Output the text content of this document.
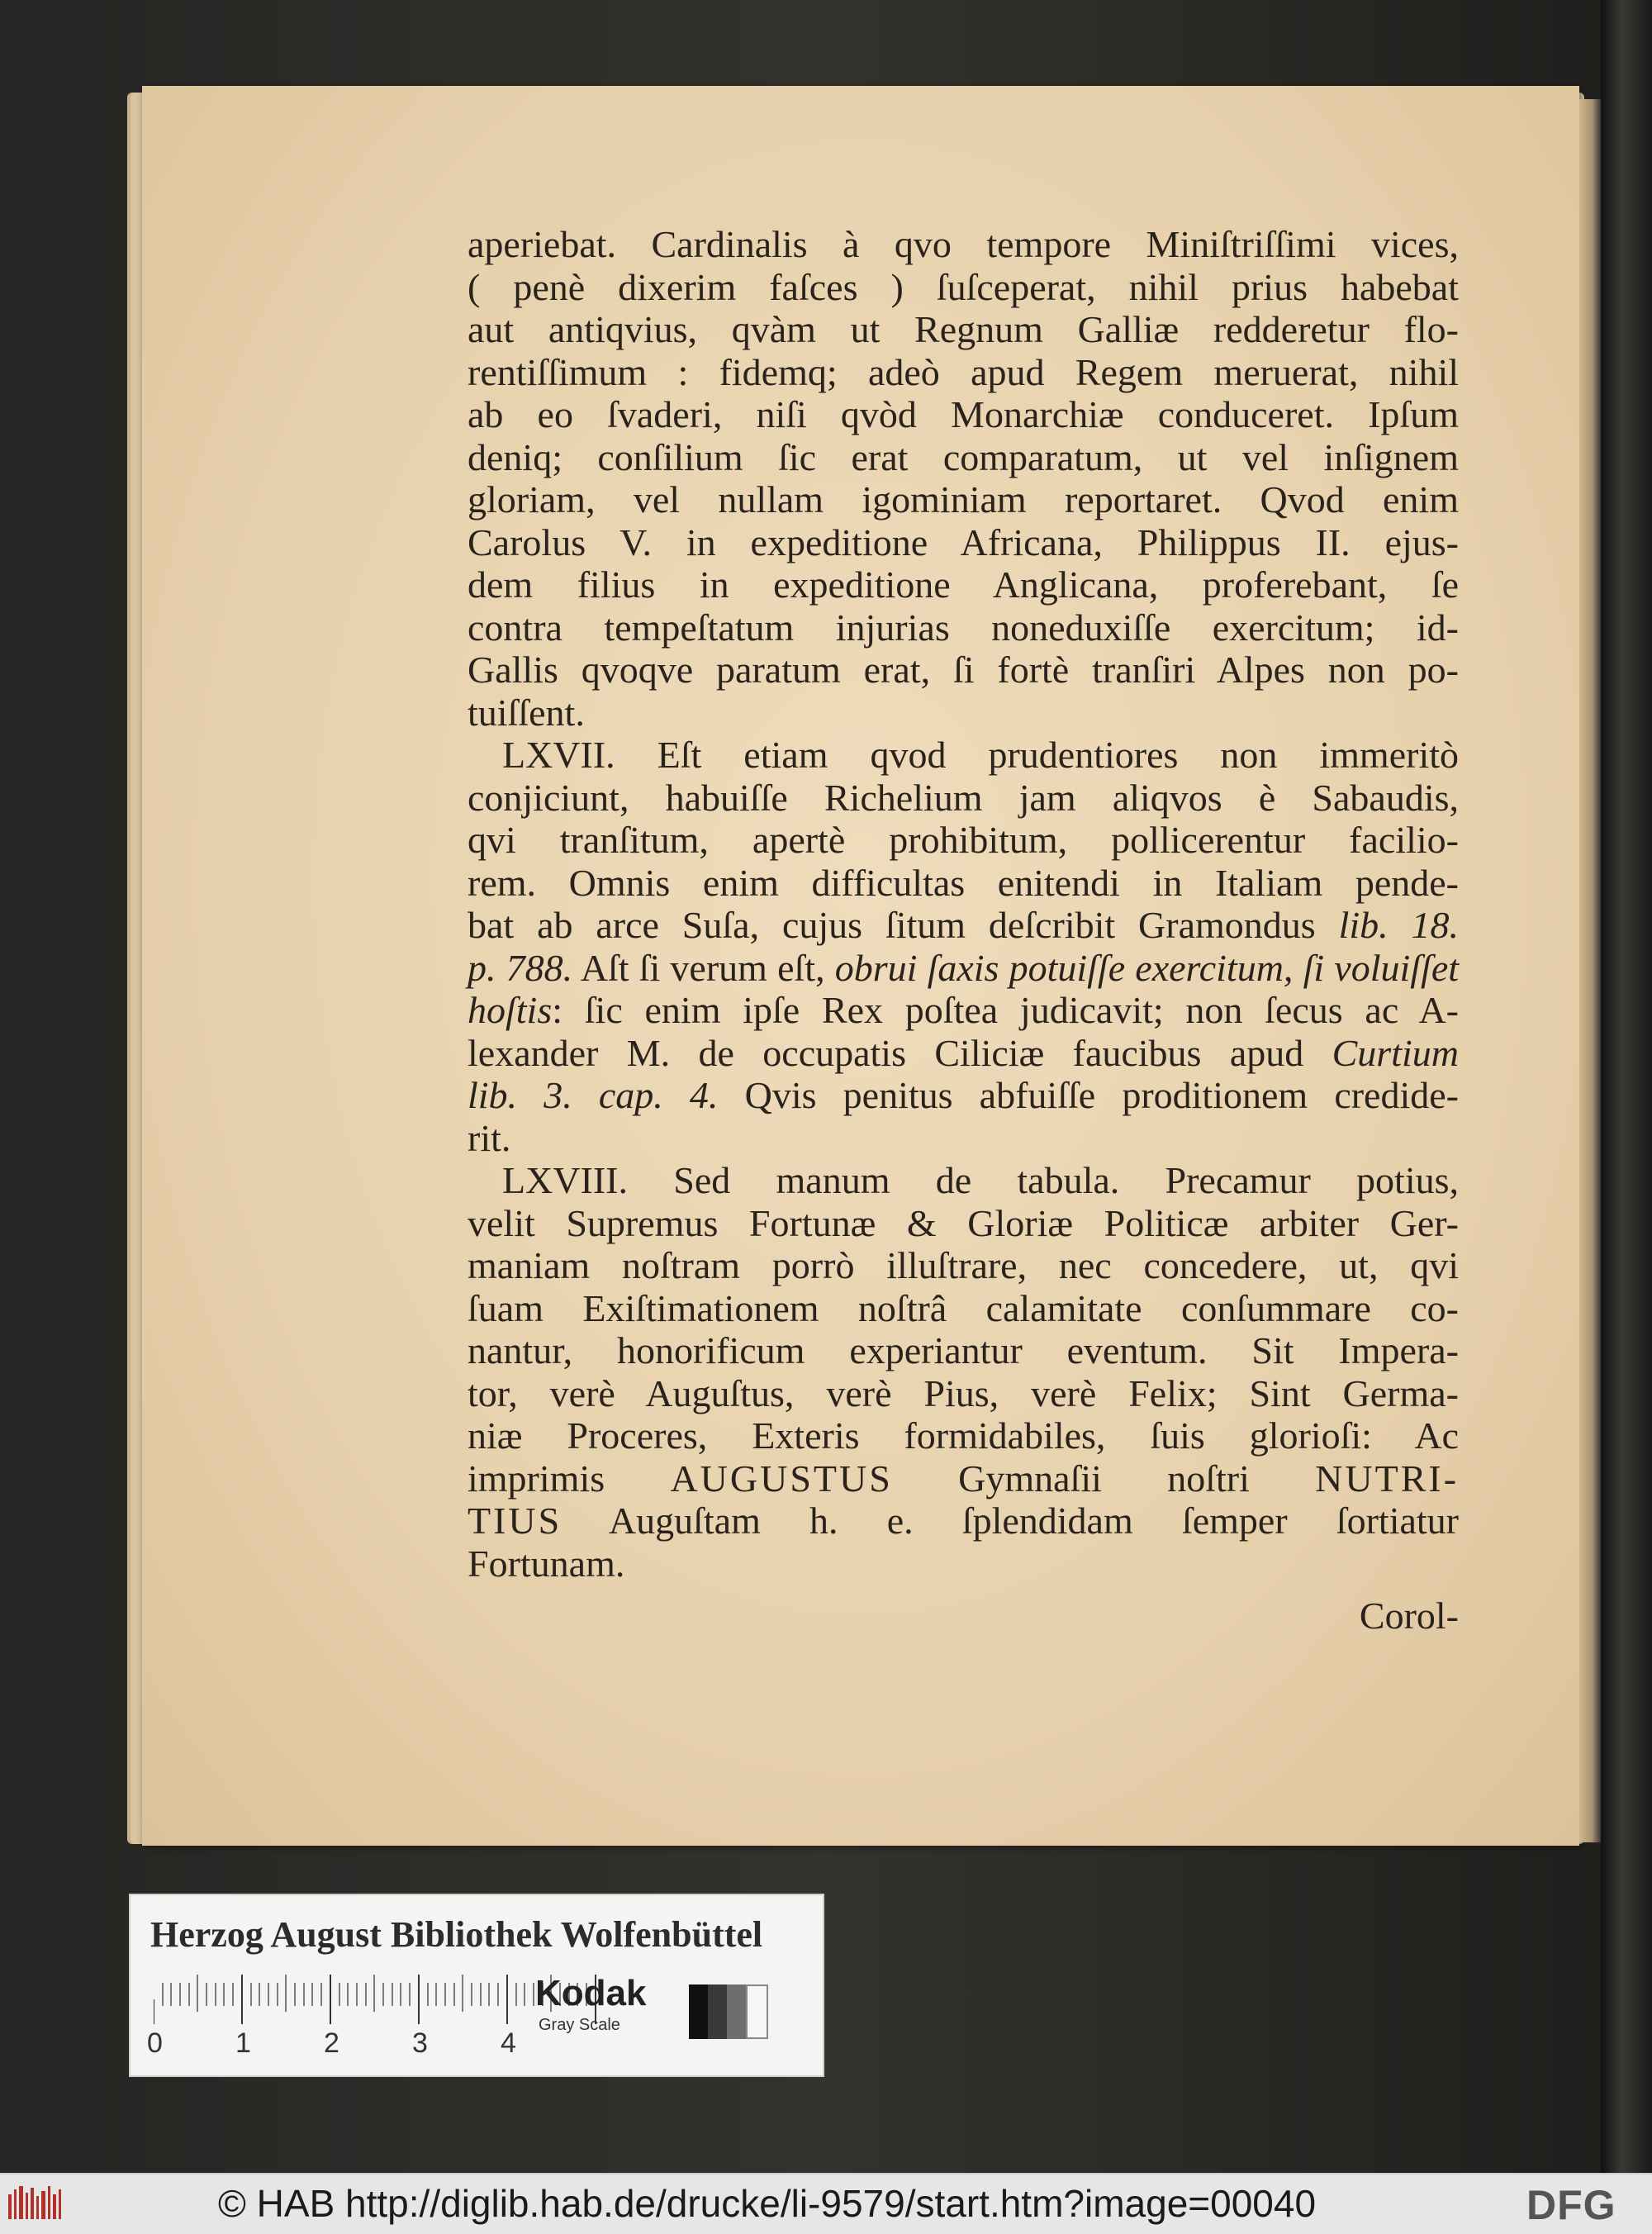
aperiebat. Cardinalis à qvo tempore Miniſtriſſimi vices,
( penè dixerim faſces ) ſuſceperat, nihil prius habebat
aut antiqvius, qvàm ut Regnum Galliæ redderetur flo-
rentiſſimum : fidemq; adeò apud Regem meruerat, nihil
ab eo ſvaderi, niſi qvòd Monarchiæ conduceret. Ipſum
deniq; conſilium ſic erat comparatum, ut vel inſignem
gloriam, vel nullam igominiam reportaret. Qvod enim
Carolus V. in expeditione Africana, Philippus II. ejus-
dem filius in expeditione Anglicana, proferebant, ſe
contra tempeſtatum injurias noneduxiſſe exercitum; id-
Gallis qvoqve paratum erat, ſi fortè tranſiri Alpes non po-
tuiſſent.
LXVII. Eſt etiam qvod prudentiores non immeritò
conjiciunt, habuiſſe Richelium jam aliqvos è Sabaudis,
qvi tranſitum, apertè prohibitum, pollicerentur facilio-
rem. Omnis enim difficultas enitendi in Italiam pende-
bat ab arce Suſa, cujus ſitum deſcribit Gramondus lib. 18.
p. 788. Aſt ſi verum eſt, obrui ſaxis potuiſſe exercitum, ſi voluiſſet
hoſtis: ſic enim ipſe Rex poſtea judicavit; non ſecus ac A-
lexander M. de occupatis Ciliciæ faucibus apud Curtium
lib. 3. cap. 4. Qvis penitus abfuiſſe proditionem credide-
rit.
LXVIII. Sed manum de tabula. Precamur potius,
velit Supremus Fortunæ & Gloriæ Politicæ arbiter Ger-
maniam noſtram porrò illuſtrare, nec concedere, ut, qvi
ſuam Exiſtimationem noſtrâ calamitate conſummare co-
nantur, honorificum experiantur eventum. Sit Impera-
tor, verè Auguſtus, verè Pius, verè Felix; Sint Germa-
niæ Proceres, Exteris formidabiles, ſuis glorioſi: Ac
imprimis AUGUSTUS Gymnaſii noſtri NUTRI-
TIUS Auguſtam h. e. ſplendidam ſemper ſortiatur
Fortunam.
Corol-
Herzog August Bibliothek Wolfenbüttel
0	1	2	3	4
Kodak
Gray Scale
© HAB http://diglib.hab.de/drucke/li-9579/start.htm?image=00040	DFG
